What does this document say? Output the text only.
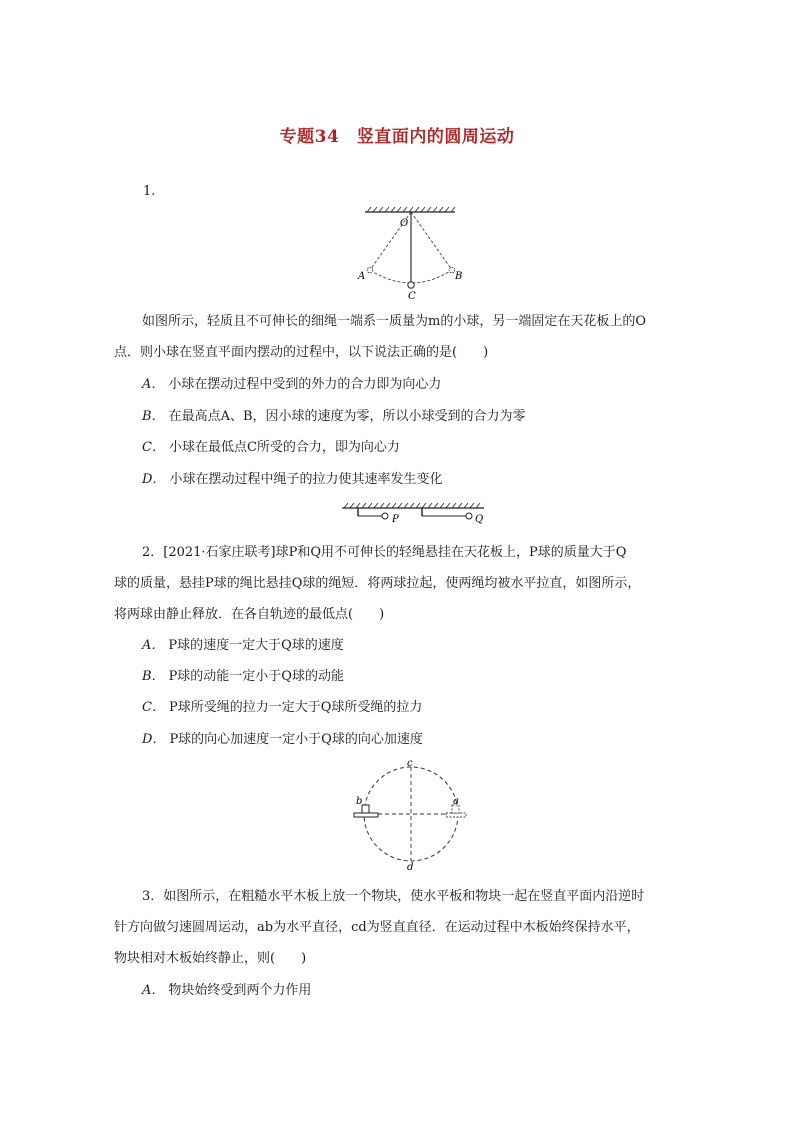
专题34　竖直面内的圆周运动
1.
O
A	B
C
如图所示，轻质且不可伸长的细绳一端系一质量为m的小球，另一端固定在天花板上的O
点．则小球在竖直平面内摆动的过程中，以下说法正确的是(　　)
A． 小球在摆动过程中受到的外力的合力即为向心力
B． 在最高点A、B，因小球的速度为零，所以小球受到的合力为零
C． 小球在最低点C所受的合力，即为向心力
D． 小球在摆动过程中绳子的拉力使其速率发生变化
P	Q
2．[2021·石家庄联考]球P和Q用不可伸长的轻绳悬挂在天花板上，P球的质量大于Q
球的质量，悬挂P球的绳比悬挂Q球的绳短．将两球拉起，使两绳均被水平拉直，如图所示，
将两球由静止释放．在各自轨迹的最低点(　　)
A． P球的速度一定大于Q球的速度
B． P球的动能一定小于Q球的动能
C． P球所受绳的拉力一定大于Q球所受绳的拉力
D． P球的向心加速度一定小于Q球的向心加速度
c
d
b	a
3．如图所示，在粗糙水平木板上放一个物块，使水平板和物块一起在竖直平面内沿逆时
针方向做匀速圆周运动，ab为水平直径，cd为竖直直径．在运动过程中木板始终保持水平，
物块相对木板始终静止，则(　　)
A． 物块始终受到两个力作用
